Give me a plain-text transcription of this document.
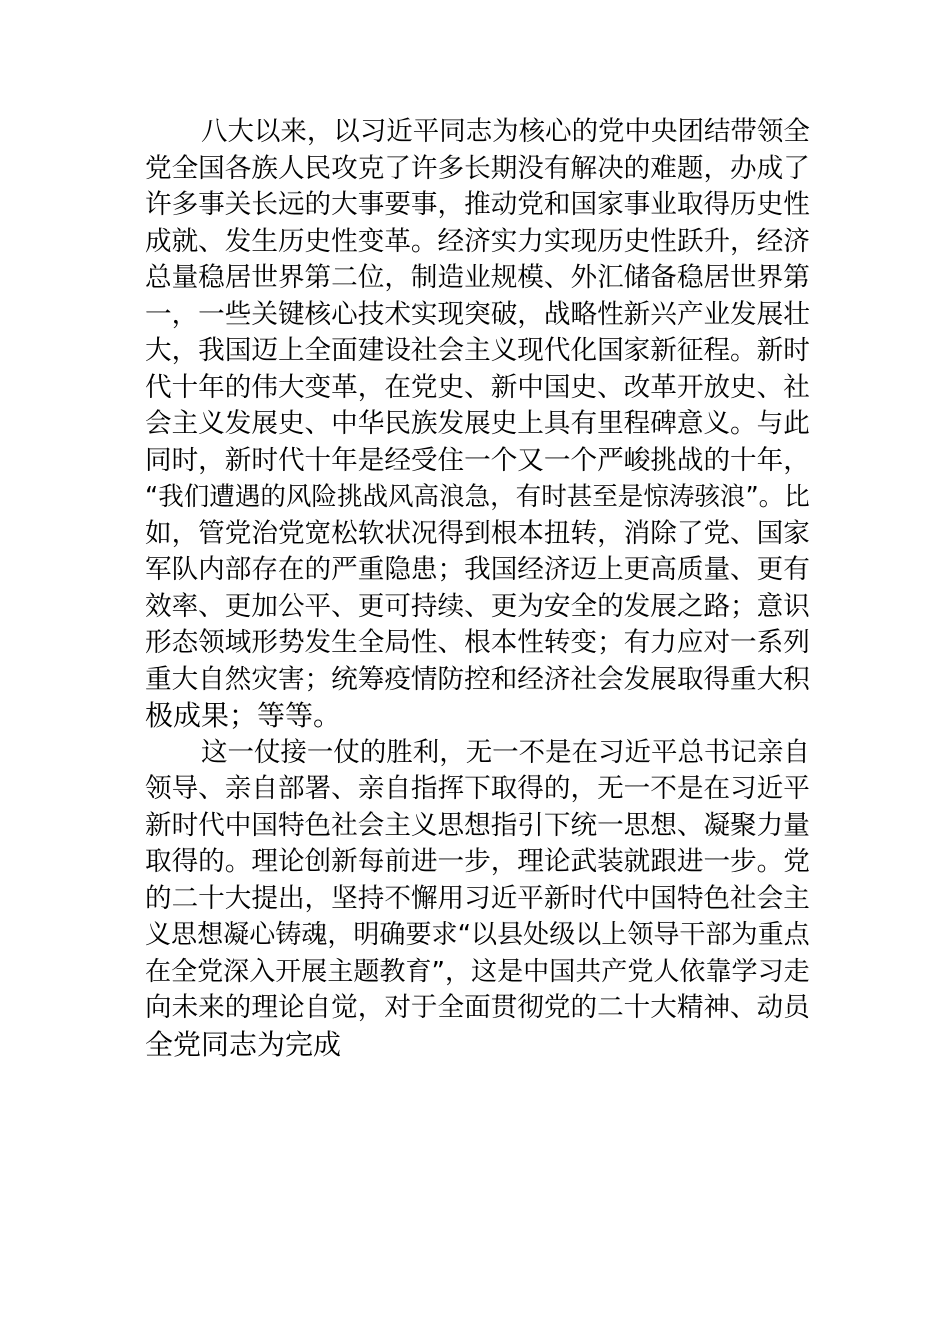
八大以来，以习近平同志为核心的党中央团结带领全
党全国各族人民攻克了许多长期没有解决的难题，办成了
许多事关长远的大事要事，推动党和国家事业取得历史性
成就、发生历史性变革。经济实力实现历史性跃升，经济
总量稳居世界第二位，制造业规模、外汇储备稳居世界第
一，一些关键核心技术实现突破，战略性新兴产业发展壮
大，我国迈上全面建设社会主义现代化国家新征程。新时
代十年的伟大变革，在党史、新中国史、改革开放史、社
会主义发展史、中华民族发展史上具有里程碑意义。与此
同时，新时代十年是经受住一个又一个严峻挑战的十年，
“我们遭遇的风险挑战风高浪急，有时甚至是惊涛骇浪”。比
如，管党治党宽松软状况得到根本扭转，消除了党、国家
军队内部存在的严重隐患；我国经济迈上更高质量、更有
效率、更加公平、更可持续、更为安全的发展之路；意识
形态领域形势发生全局性、根本性转变；有力应对一系列
重大自然灾害；统筹疫情防控和经济社会发展取得重大积
极成果；等等。
这一仗接一仗的胜利，无一不是在习近平总书记亲自
领导、亲自部署、亲自指挥下取得的，无一不是在习近平
新时代中国特色社会主义思想指引下统一思想、凝聚力量
取得的。理论创新每前进一步，理论武装就跟进一步。党
的二十大提出，坚持不懈用习近平新时代中国特色社会主
义思想凝心铸魂，明确要求“以县处级以上领导干部为重点
在全党深入开展主题教育”，这是中国共产党人依靠学习走
向未来的理论自觉，对于全面贯彻党的二十大精神、动员
全党同志为完成
